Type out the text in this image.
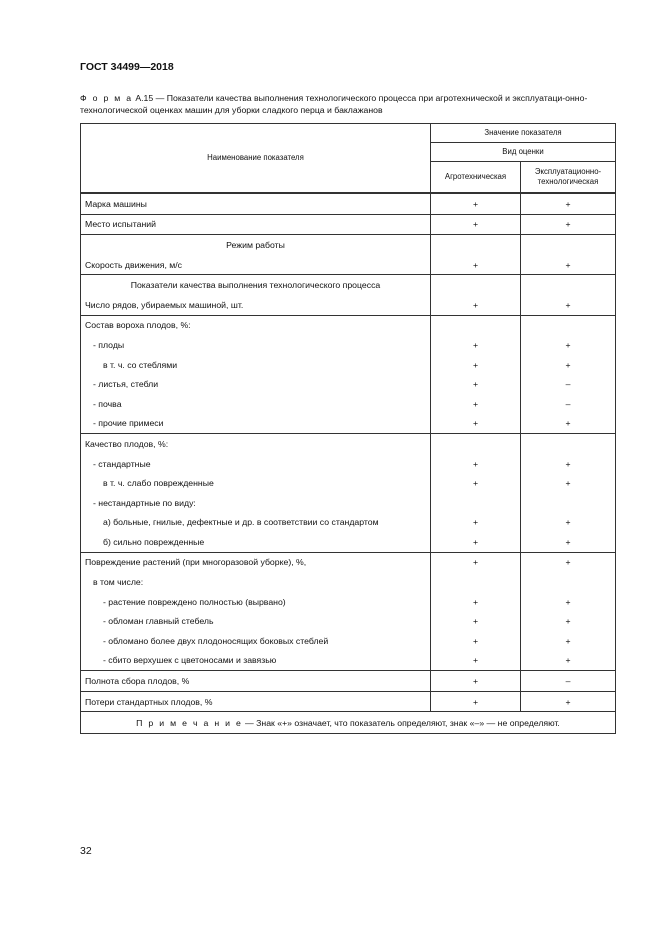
ГОСТ 34499—2018
Ф о р м а А.15 — Показатели качества выполнения технологического процесса при агротехнической и эксплуатаци-онно-технологической оценках машин для уборки сладкого перца и баклажанов
Наименование показателя	Значение показателя	
	Вид оценки	
	Агротехническая	Эксплуатационно-технологическая
Марка машины	+	+
Место испытаний	+	+
Режим работы		
Скорость движения, м/с	+	+
Показатели качества выполнения технологического процесса		
Число рядов, убираемых машиной, шт.	+	+
Состав вороха плодов, %:		
- плоды	+	+
в т. ч. со стеблями	+	+
- листья, стебли	+	–
- почва	+	–
- прочие примеси	+	+
Качество плодов, %:		
- стандартные	+	+
в т. ч. слабо поврежденные	+	+
- нестандартные по виду:		
а) больные, гнилые, дефектные и др. в соответствии со стандартом	+	+
б) сильно поврежденные	+	+
Повреждение растений (при многоразовой уборке), %,	+	+
в том числе:		
- растение повреждено полностью (вырвано)	+	+
- обломан главный стебель	+	+
- обломано более двух плодоносящих боковых стеблей	+	+
- сбито верхушек с цветоносами и завязью	+	+
Полнота сбора плодов, %	+	–
Потери стандартных плодов, %	+	+
П р и м е ч а н и е — Знак «+» означает, что показатель определяют, знак «–» — не определяют.		
32
